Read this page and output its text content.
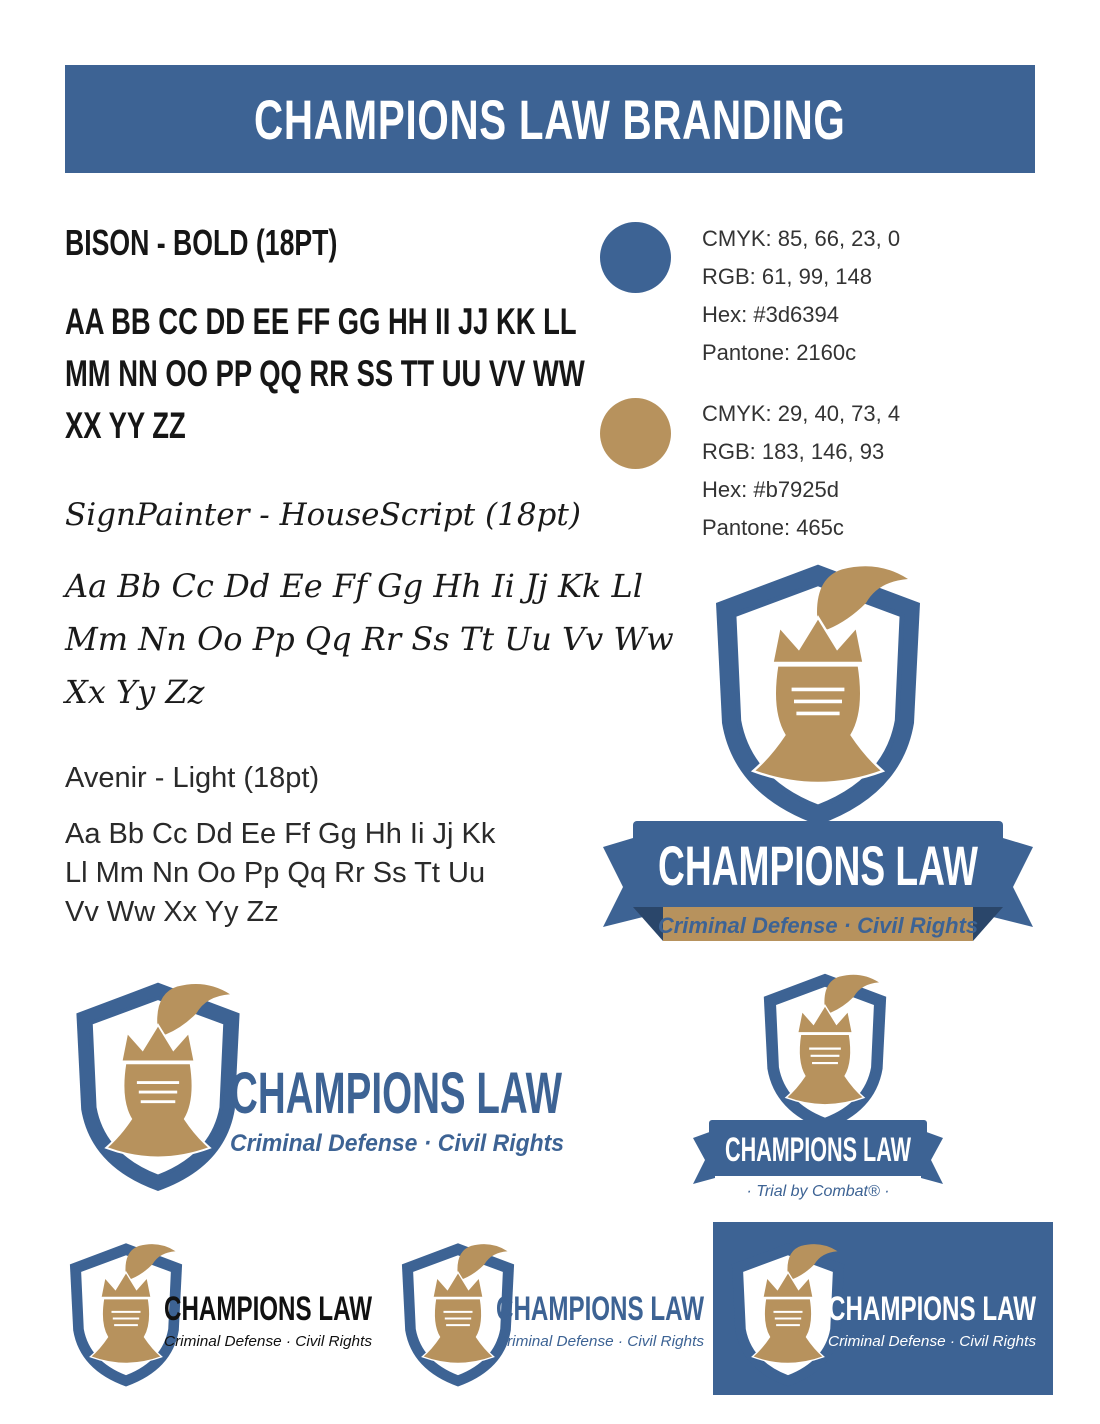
CHAMPIONS LAW BRANDING

BISON - BOLD (18PT)

AA BB CC DD EE FF GG HH II JJ KK LL
MM NN OO PP QQ RR SS TT UU VV WW
XX YY ZZ

SignPainter - HouseScript (18pt)

Aa Bb Cc Dd Ee Ff Gg Hh Ii Jj Kk Ll
Mm Nn Oo Pp Qq Rr Ss Tt Uu Vv Ww
Xx Yy Zz

Avenir - Light (18pt)

Aa Bb Cc Dd Ee Ff Gg Hh Ii Jj Kk
Ll Mm Nn Oo Pp Qq Rr Ss Tt Uu
Vv Ww Xx Yy Zz
CMYK: 85, 66, 23, 0
RGB: 61, 99, 148
Hex: #3d6394
Pantone: 2160c
CMYK: 29, 40, 73, 4
RGB: 183, 146, 93
Hex: #b7925d
Pantone: 465c
CHAMPIONS LAW
Criminal Defense · Civil Rights
CHAMPIONS LAW
Criminal Defense · Civil Rights	CHAMPIONS LAW
· Trial by Combat® ·
CHAMPIONS LAW
Criminal Defense · Civil Rights
CHAMPIONS LAW
Criminal Defense · Civil Rights
CHAMPIONS LAW
Criminal Defense · Civil Rights
